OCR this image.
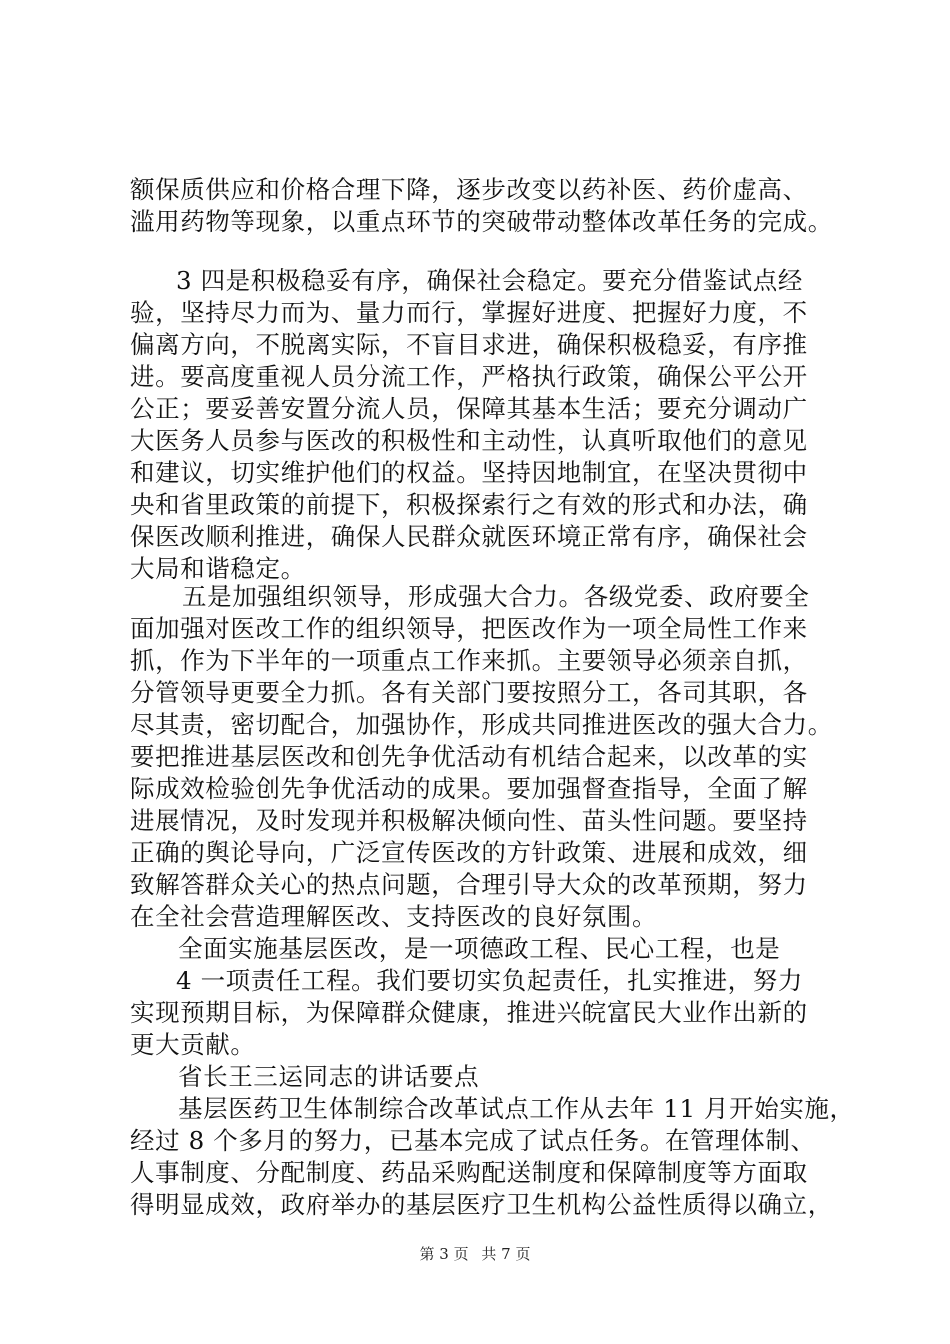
额保质供应和价格合理下降，逐步改变以药补医、药价虚高、
滥用药物等现象，以重点环节的突破带动整体改革任务的完成。
3 四是积极稳妥有序，确保社会稳定。要充分借鉴试点经
验，坚持尽力而为、量力而行，掌握好进度、把握好力度，不
偏离方向，不脱离实际，不盲目求进，确保积极稳妥，有序推
进。要高度重视人员分流工作，严格执行政策，确保公平公开
公正；要妥善安置分流人员，保障其基本生活；要充分调动广
大医务人员参与医改的积极性和主动性，认真听取他们的意见
和建议，切实维护他们的权益。坚持因地制宜，在坚决贯彻中
央和省里政策的前提下，积极探索行之有效的形式和办法，确
保医改顺利推进，确保人民群众就医环境正常有序，确保社会
大局和谐稳定。
五是加强组织领导，形成强大合力。各级党委、政府要全
面加强对医改工作的组织领导，把医改作为一项全局性工作来
抓，作为下半年的一项重点工作来抓。主要领导必须亲自抓，
分管领导更要全力抓。各有关部门要按照分工，各司其职，各
尽其责，密切配合，加强协作，形成共同推进医改的强大合力。
要把推进基层医改和创先争优活动有机结合起来，以改革的实
际成效检验创先争优活动的成果。要加强督查指导，全面了解
进展情况，及时发现并积极解决倾向性、苗头性问题。要坚持
正确的舆论导向，广泛宣传医改的方针政策、进展和成效，细
致解答群众关心的热点问题，合理引导大众的改革预期，努力
在全社会营造理解医改、支持医改的良好氛围。
全面实施基层医改，是一项德政工程、民心工程，也是
4 一项责任工程。我们要切实负起责任，扎实推进，努力
实现预期目标，为保障群众健康，推进兴皖富民大业作出新的
更大贡献。
省长王三运同志的讲话要点
基层医药卫生体制综合改革试点工作从去年 11 月开始实施，
经过 8 个多月的努力，已基本完成了试点任务。在管理体制、
人事制度、分配制度、药品采购配送制度和保障制度等方面取
得明显成效，政府举办的基层医疗卫生机构公益性质得以确立，
第 3 页 共 7 页
